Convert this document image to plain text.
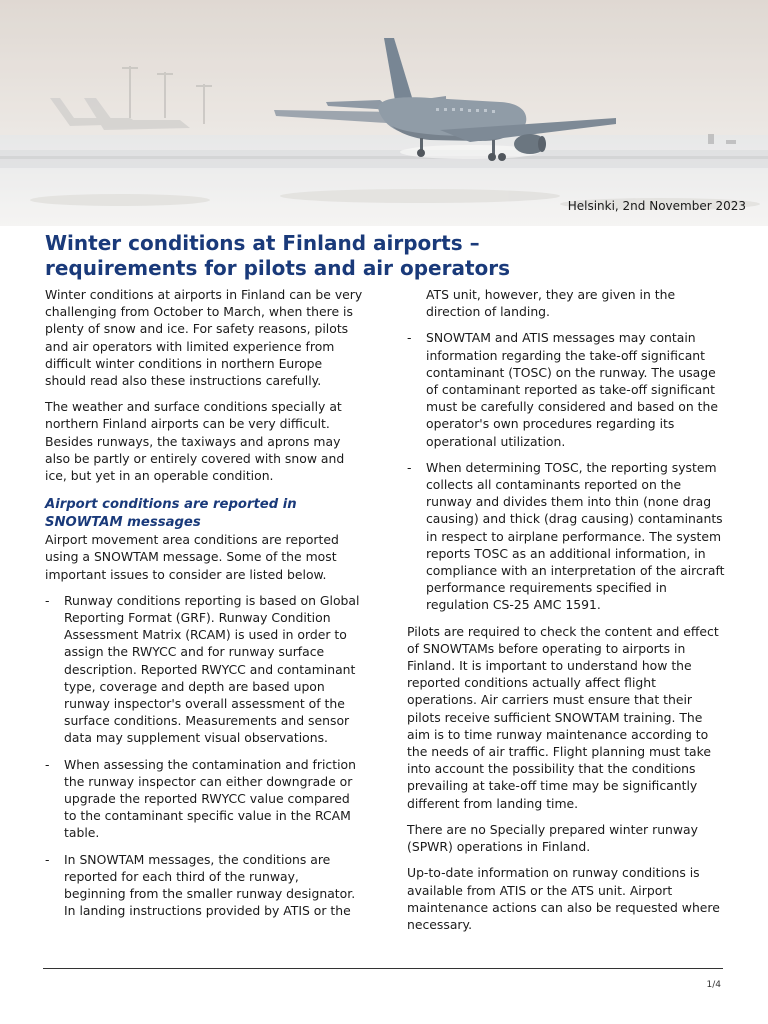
Helsinki, 2nd November 2023
Winter conditions at Finland airports –
requirements for pilots and air operators

Winter conditions at airports in Finland can be very challenging from October to March, when there is plenty of snow and ice. For safety reasons, pilots and air operators with limited experience from difficult winter conditions in northern Europe should read also these instructions carefully.

The weather and surface conditions specially at northern Finland airports can be very difficult. Besides runways, the taxiways and aprons may also be partly or entirely covered with snow and ice, but yet in an operable condition.

Airport conditions are reported in
SNOWTAM messages

Airport movement area conditions are reported using a SNOWTAM message. Some of the most important issues to consider are listed below.

- Runway conditions reporting is based on Global Reporting Format (GRF). Runway Condition Assessment Matrix (RCAM) is used in order to assign the RWYCC and for runway surface description. Reported RWYCC and contaminant type, coverage and depth are based upon runway inspector's overall assessment of the surface conditions. Measurements and sensor data may supplement visual observations.
- When assessing the contamination and friction the runway inspector can either downgrade or upgrade the reported RWYCC value compared to the contaminant specific value in the RCAM table.
- In SNOWTAM messages, the conditions are reported for each third of the runway, beginning from the smaller runway designator. In landing instructions provided by ATIS or the

ATS unit, however, they are given in the direction of landing.

- SNOWTAM and ATIS messages may contain information regarding the take-off significant contaminant (TOSC) on the runway. The usage of contaminant reported as take-off significant must be carefully considered and based on the operator's own procedures regarding its operational utilization.
- When determining TOSC, the reporting system collects all contaminants reported on the runway and divides them into thin (none drag causing) and thick (drag causing) contaminants in respect to airplane performance. The system reports TOSC as an additional information, in compliance with an interpretation of the aircraft performance requirements specified in regulation CS-25 AMC 1591.

Pilots are required to check the content and effect of SNOWTAMs before operating to airports in Finland. It is important to understand how the reported conditions actually affect flight operations. Air carriers must ensure that their pilots receive sufficient SNOWTAM training. The aim is to time runway maintenance according to the needs of air traffic. Flight planning must take into account the possibility that the conditions prevailing at take-off time may be significantly different from landing time.

There are no Specially prepared winter runway (SPWR) operations in Finland.

Up-to-date information on runway conditions is available from ATIS or the ATS unit. Airport maintenance actions can also be requested where necessary.

1/4
